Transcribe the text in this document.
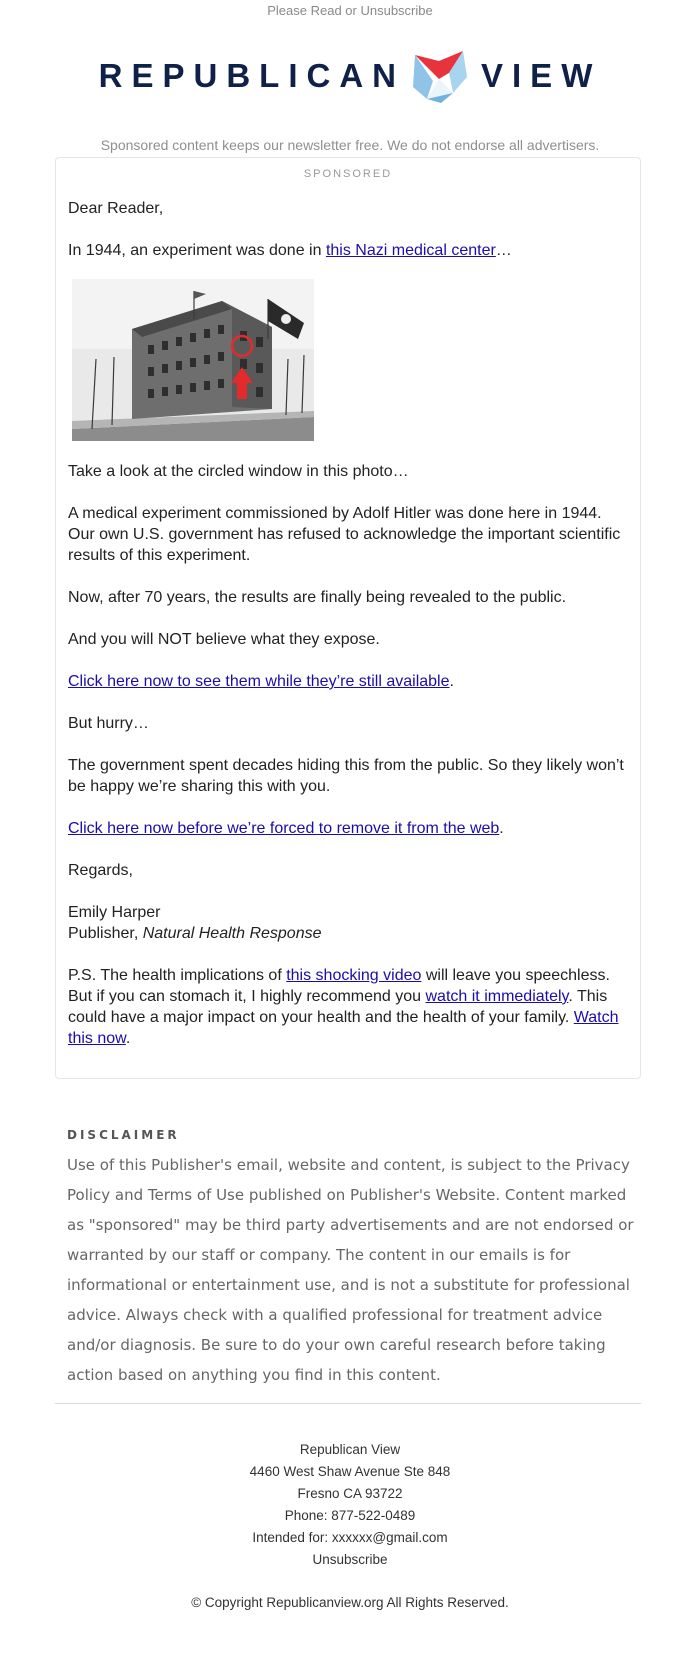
Please Read or Unsubscribe
REPUBLICAN VIEW
Sponsored content keeps our newsletter free. We do not endorse all advertisers.
SPONSORED

Dear Reader,

In 1944, an experiment was done in this Nazi medical center…

Take a look at the circled window in this photo…

A medical experiment commissioned by Adolf Hitler was done here in 1944. Our own U.S. government has refused to acknowledge the important scientific results of this experiment.

Now, after 70 years, the results are finally being revealed to the public.

And you will NOT believe what they expose.

Click here now to see them while they’re still available.

But hurry…

The government spent decades hiding this from the public. So they likely won’t be happy we’re sharing this with you.

Click here now before we’re forced to remove it from the web.

Regards,

Emily Harper
Publisher, Natural Health Response

P.S. The health implications of this shocking video will leave you speechless. But if you can stomach it, I highly recommend you watch it immediately. This could have a major impact on your health and the health of your family. Watch this now.

DISCLAIMER
Use of this Publisher's email, website and content, is subject to the Privacy Policy and Terms of Use published on Publisher's Website. Content marked as "sponsored" may be third party advertisements and are not endorsed or warranted by our staff or company. The content in our emails is for informational or entertainment use, and is not a substitute for professional advice. Always check with a qualified professional for treatment advice and/or diagnosis. Be sure to do your own careful research before taking action based on anything you find in this content.
Republican View
4460 West Shaw Avenue Ste 848
Fresno CA 93722
Phone: 877-522-0489
Intended for: xxxxxx@gmail.com
Unsubscribe
© Copyright Republicanview.org All Rights Reserved.
